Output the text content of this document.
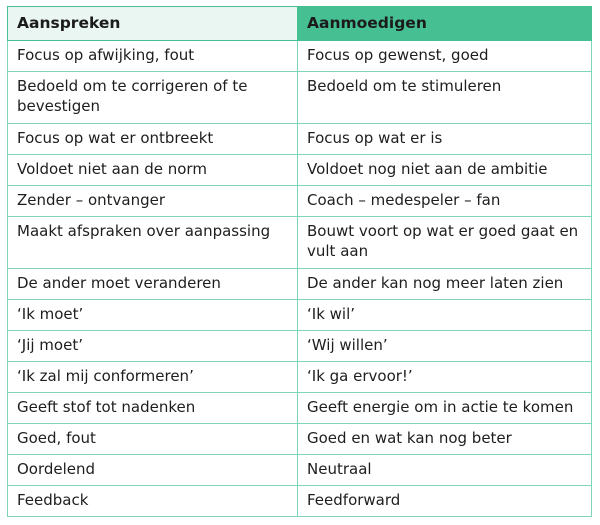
Aanspreken	Aanmoedigen
Focus op afwijking, fout	Focus op gewenst, goed
Bedoeld om te corrigeren of te bevestigen	Bedoeld om te stimuleren
Focus op wat er ontbreekt	Focus op wat er is
Voldoet niet aan de norm	Voldoet nog niet aan de ambitie
Zender – ontvanger	Coach – medespeler – fan
Maakt afspraken over aanpassing	Bouwt voort op wat er goed gaat en vult aan
De ander moet veranderen	De ander kan nog meer laten zien
‘Ik moet’	‘Ik wil’
‘Jij moet’	‘Wij willen’
‘Ik zal mij conformeren’	‘Ik ga ervoor!’
Geeft stof tot nadenken	Geeft energie om in actie te komen
Goed, fout	Goed en wat kan nog beter
Oordelend	Neutraal
Feedback	Feedforward
